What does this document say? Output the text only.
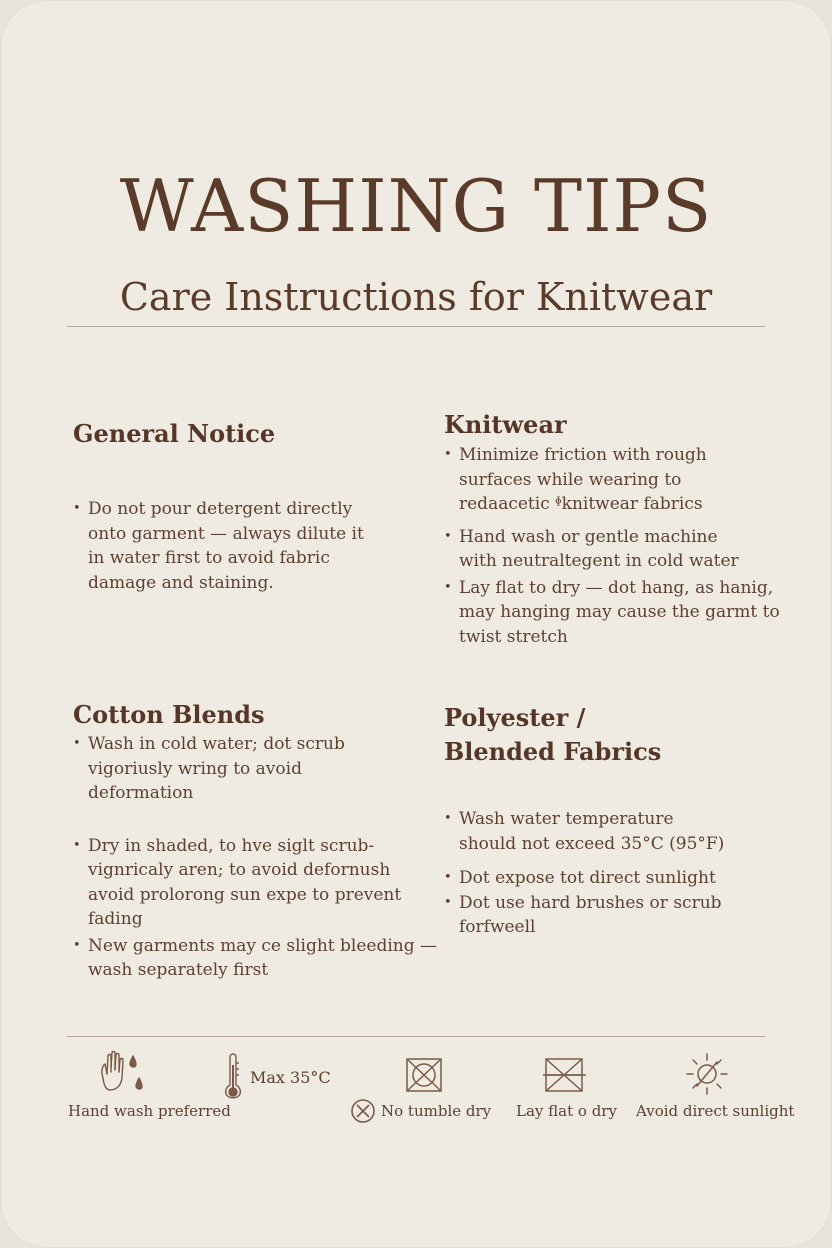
WASHING TIPS
Care Instructions for Knitwear
General Notice
• Do not pour detergent directly onto garment — always dilute it in water first to avoid fabric damage and staining.
Knitwear
• Minimize friction with rough surfaces while wearing to redaacetic ᶲknitwear fabrics
• Hand wash or gentle machine with neutraltegent in cold water
• Lay flat to dry — dot hang, as hanig, may hanging may cause the garmt to twist stretch
Cotton Blends
• Wash in cold water; dot scrub vigoriusly wring to avoid deformation
• Dry in shaded, to hve siglt scrub-vignricaly aren; to avoid defornush avoid prolorong sun expe to prevent fading
• New garments may ce slight bleeding — wash separately first
Polyester / Blended Fabrics
• Wash water temperature should not exceed 35°C (95°F)
• Dot expose tot direct sunlight
• Dot use hard brushes or scrub forfweell
Hand wash preferred
Max 35°C
No tumble dry Lay flat o dry Avoid direct sunlight
